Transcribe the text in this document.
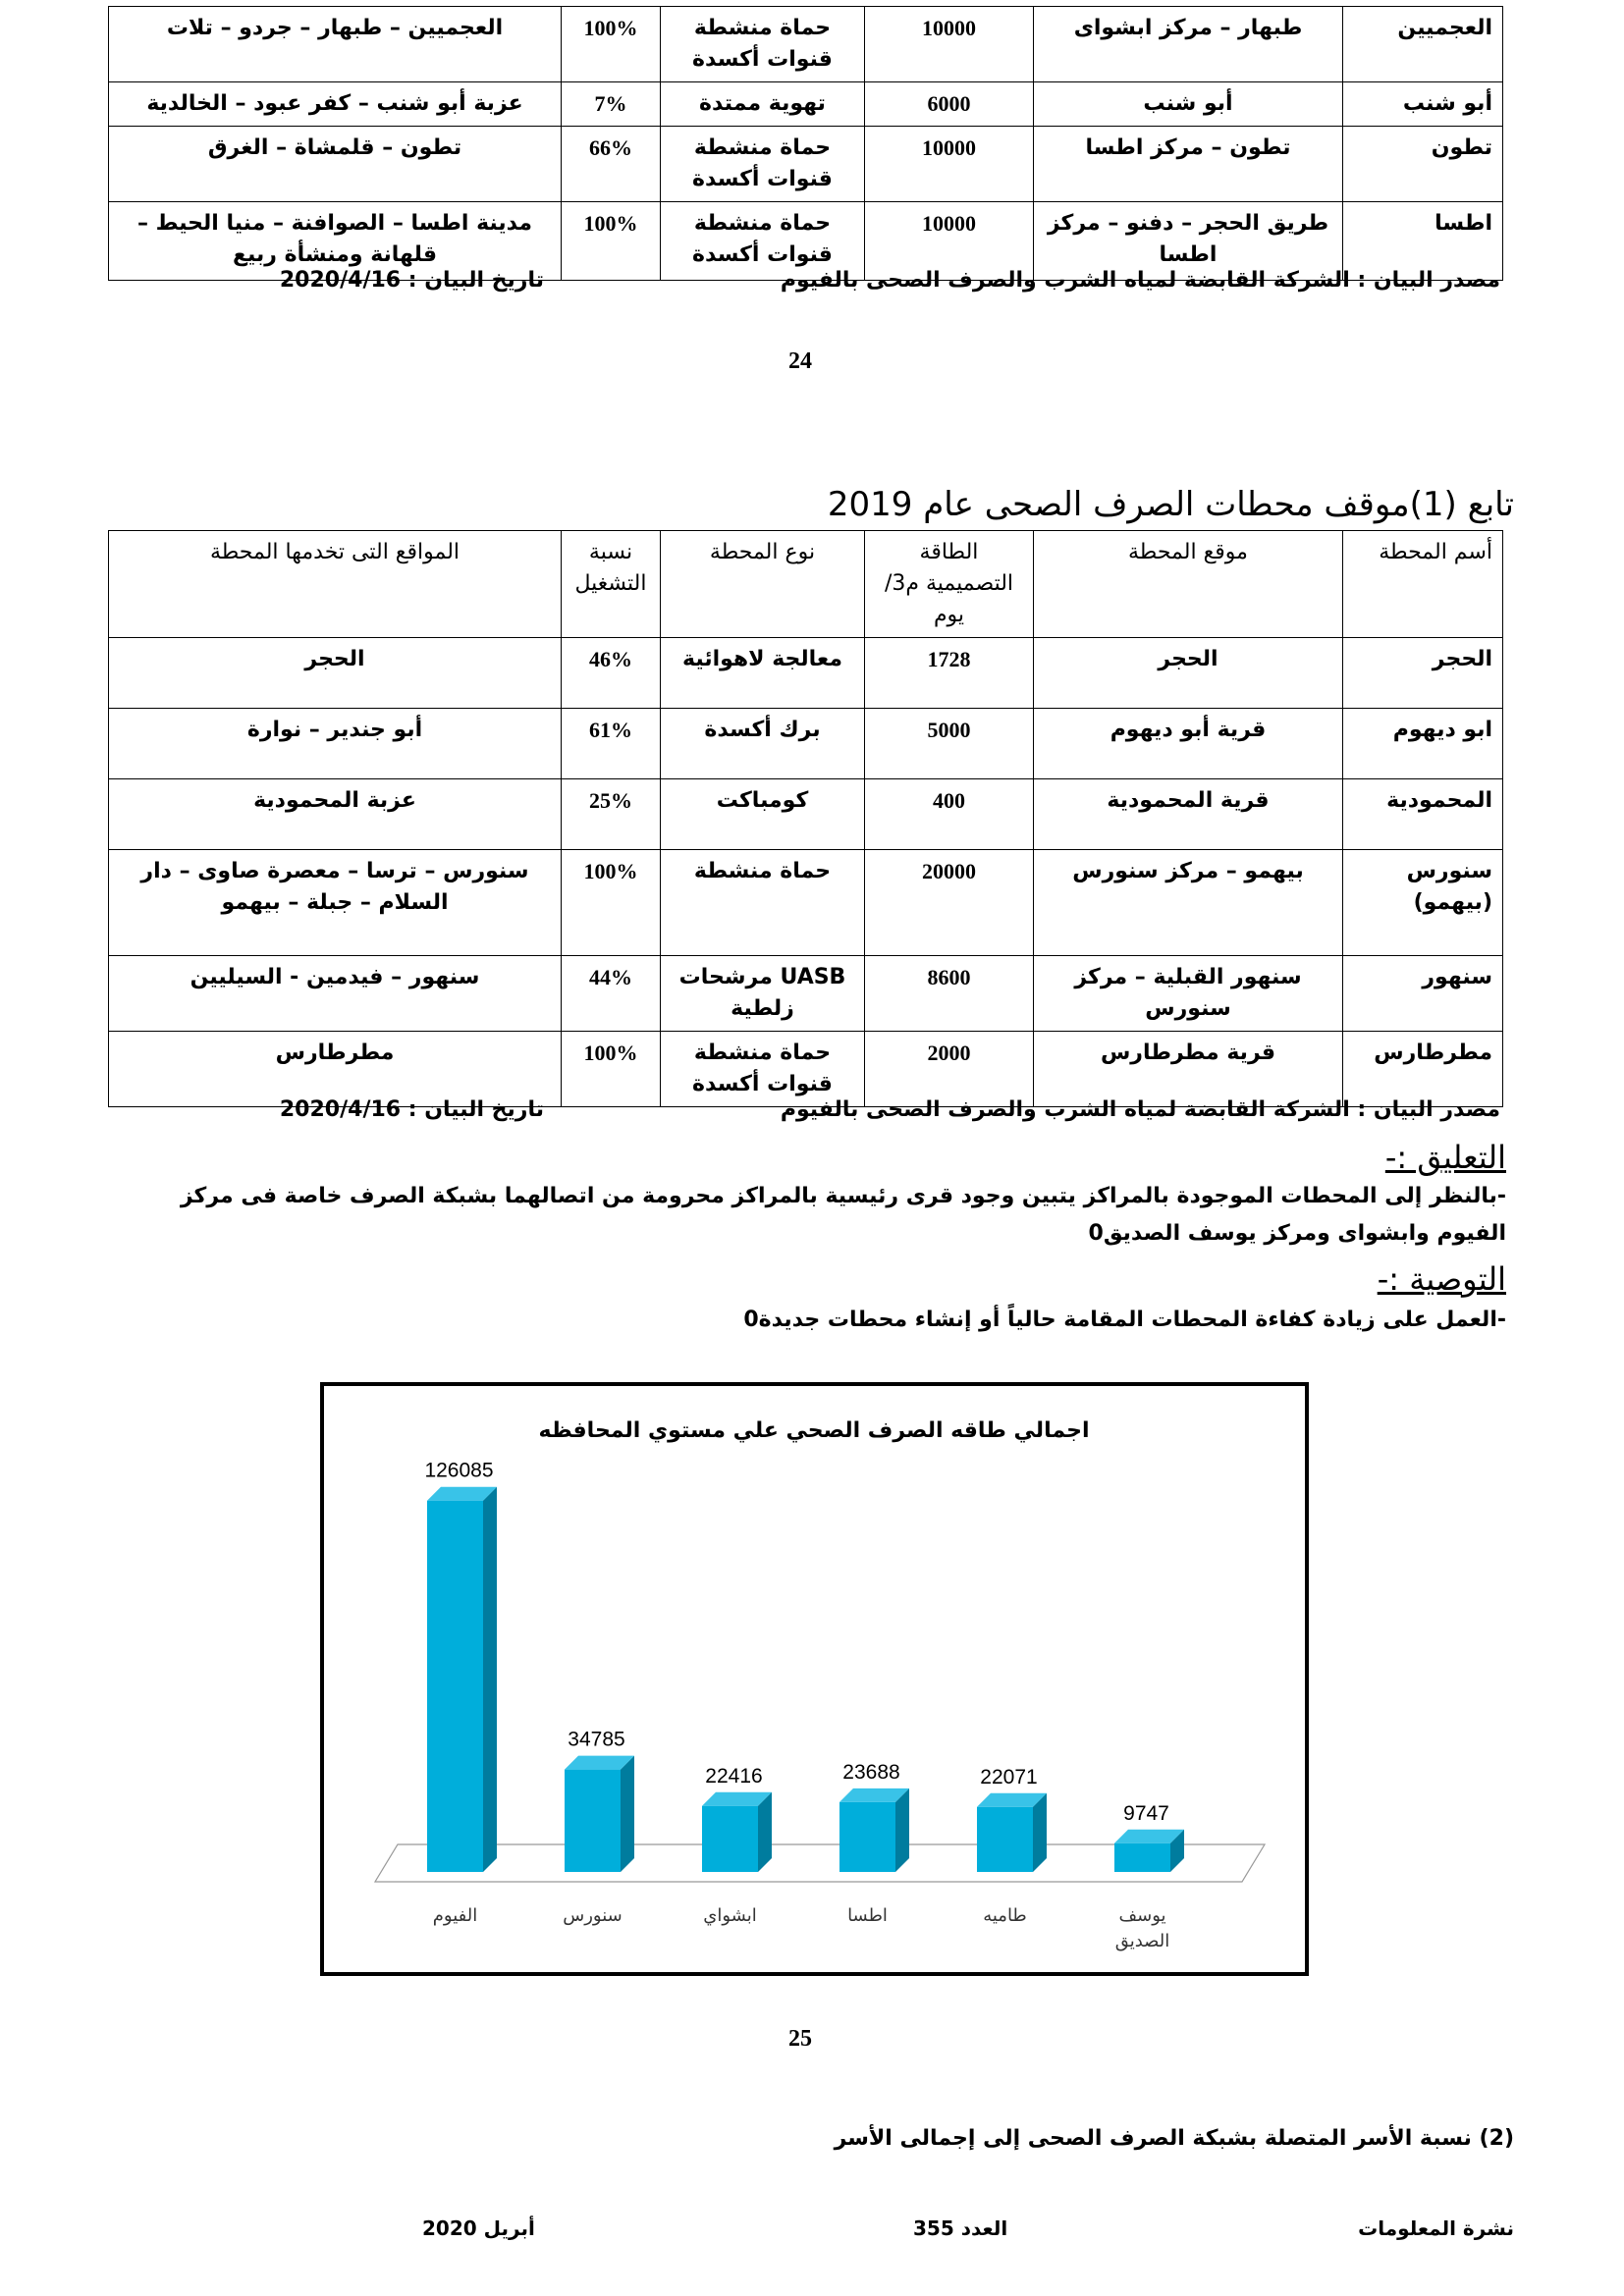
العجميين	طبهار – مركز ابشواى	10000	حماة منشطة قنوات أكسدة	100%	العجميين – طبهار – جردو – تلات
أبو شنب	أبو شنب	6000	تهوية ممتدة	7%	عزبة أبو شنب – كفر عبود – الخالدية
تطون	تطون – مركز اطسا	10000	حماة منشطة قنوات أكسدة	66%	تطون – قلمشاة – الغرق
اطسا	طريق الحجر – دفنو – مركز اطسا	10000	حماة منشطة قنوات أكسدة	100%	مدينة اطسا – الصوافنة – منيا الحيط – قلهانة ومنشأة ربيع
مصدر البيان : الشركة القابضة لمياه الشرب والصرف الصحى بالفيوم
تاريخ البيان : 2020/4/16
24
تابع (1)موقف محطات الصرف الصحى عام 2019
أسم المحطة	موقع المحطة	الطاقة التصميمية م3/يوم	نوع المحطة	نسبة التشغيل	المواقع التى تخدمها المحطة
الحجر	الحجر	1728	معالجة لاهوائية	46%	الحجر
ابو ديهوم	قرية أبو ديهوم	5000	برك أكسدة	61%	أبو جندير – نوارة
المحمودية	قرية المحمودية	400	كومباكت	25%	عزبة المحمودية
سنورس (بيهمو)	بيهمو – مركز سنورس	20000	حماة منشطة	100%	سنورس – ترسا – معصرة صاوى – دار السلام – جبلة – بيهمو
سنهور	سنهور القبلية – مركز سنورس	8600	UASB مرشحات زلطية	44%	سنهور – فيدمين - السيليين
مطرطارس	قرية مطرطارس	2000	حماة منشطة قنوات أكسدة	100%	مطرطارس
مصدر البيان : الشركة القابضة لمياه الشرب والصرف الصحى بالفيوم
تاريخ البيان : 2020/4/16
التعليق :-
-بالنظر إلى المحطات الموجودة بالمراكز يتبين وجود قرى رئيسية بالمراكز محرومة من اتصالهما بشبكة الصرف خاصة فى مركز الفيوم وابشواى ومركز يوسف الصديق0
التوصية :-
-العمل على زيادة كفاءة المحطات المقامة حالياً أو إنشاء محطات جديدة0
اجمالي طاقه الصرف الصحي علي مستوي المحافظه
126085
الفيوم
34785
سنورس
22416
ابشواي
23688
اطسا
22071
طاميه
9747
يوسف
الصديق
25
(2) نسبة الأسر المتصلة بشبكة الصرف الصحى إلى إجمالى الأسر
نشرة المعلومات
العدد 355
أبريل 2020
